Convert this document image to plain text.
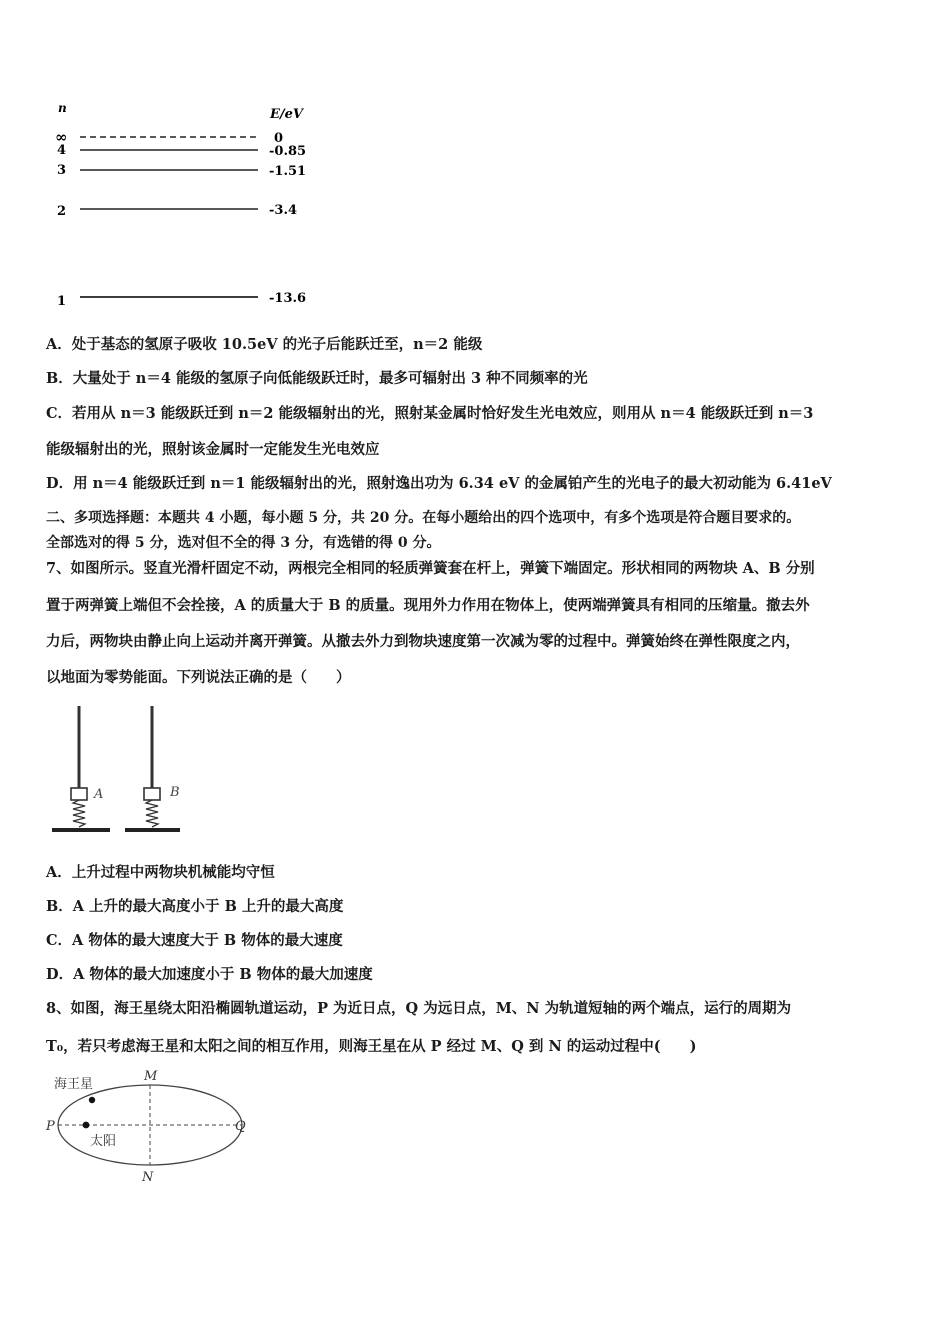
n	E/eV
∞	0
4	-0.85
3	-1.51
2	-3.4
1	-13.6
A．处于基态的氢原子吸收 10.5eV 的光子后能跃迁至，n＝2 能级
B．大量处于 n＝4 能级的氢原子向低能级跃迁时，最多可辐射出 3 种不同频率的光
C．若用从 n＝3 能级跃迁到 n＝2 能级辐射出的光，照射某金属时恰好发生光电效应，则用从 n＝4 能级跃迁到 n＝3
能级辐射出的光，照射该金属时一定能发生光电效应
D．用 n＝4 能级跃迁到 n＝1 能级辐射出的光，照射逸出功为 6.34 eV 的金属铂产生的光电子的最大初动能为 6.41eV
二、多项选择题：本题共 4 小题，每小题 5 分，共 20 分。在每小题给出的四个选项中，有多个选项是符合题目要求的。
全部选对的得 5 分，选对但不全的得 3 分，有选错的得 0 分。
7、如图所示。竖直光滑杆固定不动，两根完全相同的轻质弹簧套在杆上，弹簧下端固定。形状相同的两物块 A、B 分别
置于两弹簧上端但不会拴接，A 的质量大于 B 的质量。现用外力作用在物体上，使两端弹簧具有相同的压缩量。撤去外
力后，两物块由静止向上运动并离开弹簧。从撤去外力到物块速度第一次减为零的过程中。弹簧始终在弹性限度之内，
以地面为零势能面。下列说法正确的是（　　）
A	B
A．上升过程中两物块机械能均守恒
B．A 上升的最大高度小于 B 上升的最大高度
C．A 物体的最大速度大于 B 物体的最大速度
D．A 物体的最大加速度小于 B 物体的最大加速度
8、如图，海王星绕太阳沿椭圆轨道运动，P 为近日点，Q 为远日点，M、N 为轨道短轴的两个端点，运行的周期为
T₀，若只考虑海王星和太阳之间的相互作用，则海王星在从 P 经过 M、Q 到 N 的运动过程中(　　)
海王星
太阳
P	Q
M
N
